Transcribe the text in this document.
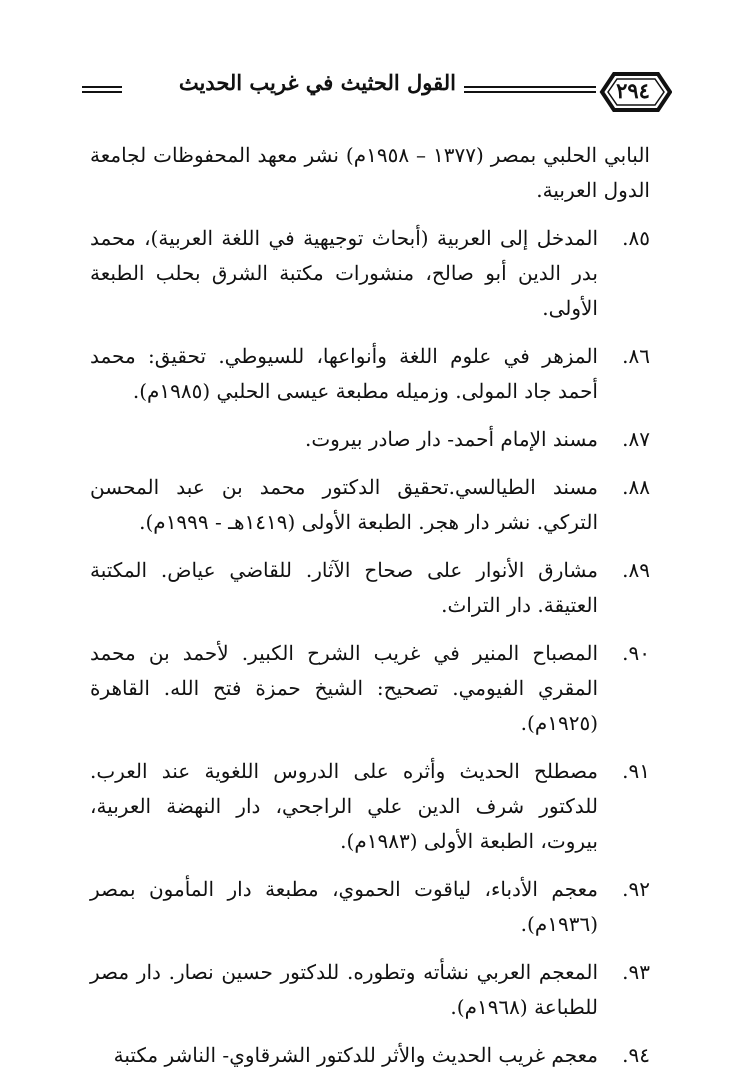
٢٩٤
القول الحثيث في غريب الحديث
البابي الحلبي بمصر (١٣٧٧ – ١٩٥٨م) نشر معهد المحفوظات لجامعة الدول العربية.
٨٥.
المدخل إلى العربية (أبحاث توجيهية في اللغة العربية)، محمد بدر الدين أبو صالح، منشورات مكتبة الشرق بحلب الطبعة الأولى.
٨٦.
المزهر في علوم اللغة وأنواعها، للسيوطي. تحقيق: محمد أحمد جاد المولى. وزميله مطبعة عيسى الحلبي (١٩٨٥م).
٨٧.
مسند الإمام أحمد- دار صادر بيروت.
٨٨.
مسند الطيالسي.تحقيق الدكتور محمد بن عبد المحسن التركي. نشر دار هجر. الطبعة الأولى (١٤١٩هـ - ١٩٩٩م).
٨٩.
مشارق الأنوار على صحاح الآثار. للقاضي عياض. المكتبة العتيقة. دار التراث.
٩٠.
المصباح المنير في غريب الشرح الكبير. لأحمد بن محمد المقري الفيومي. تصحيح: الشيخ حمزة فتح الله. القاهرة (١٩٢٥م).
٩١.
مصطلح الحديث وأثره على الدروس اللغوية عند العرب. للدكتور شرف الدين علي الراجحي، دار النهضة العربية، بيروت، الطبعة الأولى (١٩٨٣م).
٩٢.
معجم الأدباء، لياقوت الحموي، مطبعة دار المأمون بمصر (١٩٣٦م).
٩٣.
المعجم العربي نشأته وتطوره. للدكتور حسين نصار. دار مصر للطباعة (١٩٦٨م).
٩٤.
معجم غريب الحديث والأثر للدكتور الشرقاوي- الناشر مكتبة
